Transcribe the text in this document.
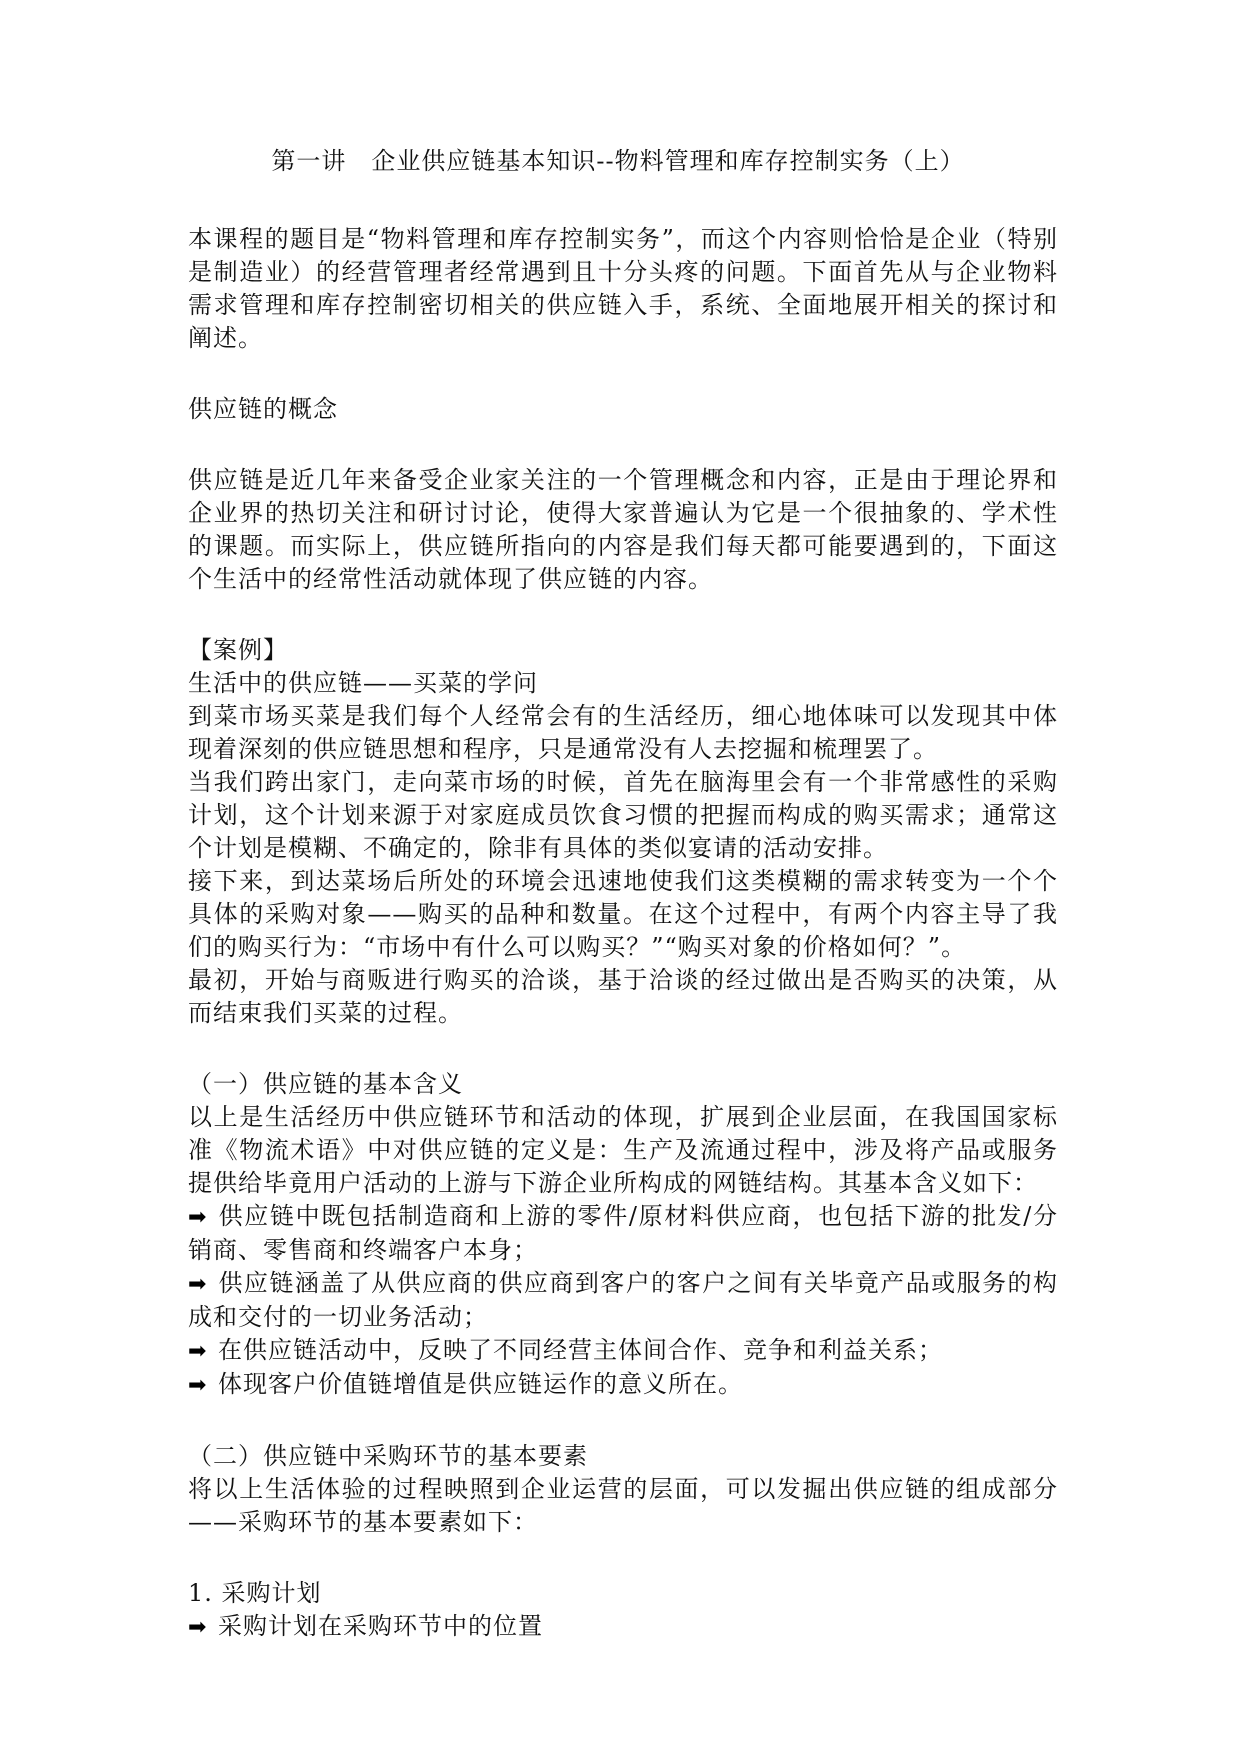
第一讲　企业供应链基本知识--物料管理和库存控制实务（上）

本课程的题目是“物料管理和库存控制实务”，而这个内容则恰恰是企业（特别是制造业）的经营管理者经常遇到且十分头疼的问题。下面首先从与企业物料需求管理和库存控制密切相关的供应链入手，系统、全面地展开相关的探讨和阐述。

供应链的概念

供应链是近几年来备受企业家关注的一个管理概念和内容，正是由于理论界和企业界的热切关注和研讨讨论，使得大家普遍认为它是一个很抽象的、学术性的课题。而实际上，供应链所指向的内容是我们每天都可能要遇到的，下面这个生活中的经常性活动就体现了供应链的内容。

【案例】

生活中的供应链——买菜的学问

到菜市场买菜是我们每个人经常会有的生活经历，细心地体味可以发现其中体现着深刻的供应链思想和程序，只是通常没有人去挖掘和梳理罢了。

当我们跨出家门，走向菜市场的时候，首先在脑海里会有一个非常感性的采购计划，这个计划来源于对家庭成员饮食习惯的把握而构成的购买需求；通常这个计划是模糊、不确定的，除非有具体的类似宴请的活动安排。

接下来，到达菜场后所处的环境会迅速地使我们这类模糊的需求转变为一个个具体的采购对象——购买的品种和数量。在这个过程中，有两个内容主导了我们的购买行为：“市场中有什么可以购买？”“购买对象的价格如何？”。

最初，开始与商贩进行购买的洽谈，基于洽谈的经过做出是否购买的决策，从而结束我们买菜的过程。

（一）供应链的基本含义

以上是生活经历中供应链环节和活动的体现，扩展到企业层面，在我国国家标准《物流术语》中对供应链的定义是：生产及流通过程中，涉及将产品或服务提供给毕竟用户活动的上游与下游企业所构成的网链结构。其基本含义如下：

➡ 供应链中既包括制造商和上游的零件/原材料供应商，也包括下游的批发/分销商、零售商和终端客户本身；

➡ 供应链涵盖了从供应商的供应商到客户的客户之间有关毕竟产品或服务的构成和交付的一切业务活动；

➡ 在供应链活动中，反映了不同经营主体间合作、竞争和利益关系；

➡ 体现客户价值链增值是供应链运作的意义所在。

（二）供应链中采购环节的基本要素

将以上生活体验的过程映照到企业运营的层面，可以发掘出供应链的组成部分——采购环节的基本要素如下：

1. 采购计划

➡ 采购计划在采购环节中的位置
